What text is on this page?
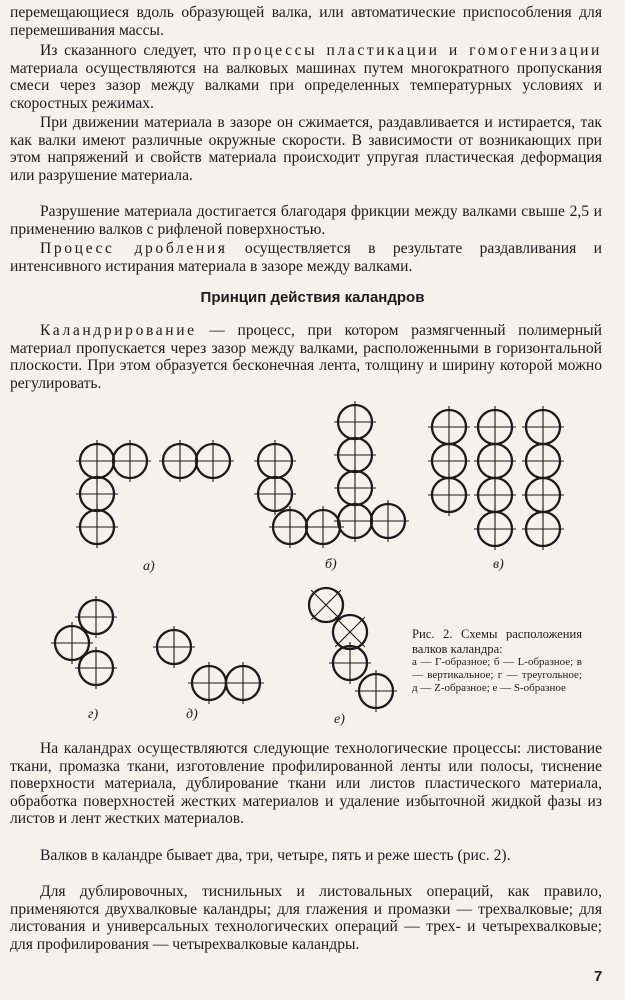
перемещающиеся вдоль образующей валка, или автоматические приспособления для перемешивания массы.

Из сказанного следует, что процессы пластикации и гомогенизации материала осуществляются на валковых машинах путем многократного пропускания смеси через зазор между валками при определенных температурных условиях и скоростных режимах.

При движении материала в зазоре он сжимается, раздавливается и истирается, так как валки имеют различные окружные скорости. В зависимости от возникающих при этом напряжений и свойств материала происходит упругая пластическая деформация или разрушение материала.

Разрушение материала достигается благодаря фрикции между валками свыше 2,5 и применению валков с рифленой поверхностью.

Процесс дробления осуществляется в результате раздавливания и интенсивного истирания материала в зазоре между валками.

Принцип действия каландров

Каландрирование — процесс, при котором размягченный полимерный материал пропускается через зазор между валками, расположенными в горизонтальной плоскости. При этом образуется бесконечная лента, толщину и ширину которой можно регулировать.

а)	б)	в)
г)	д)	е)

Рис. 2. Схемы расположения валков каландра:
а — Г-образное; б — L-образное; в — вертикальное; г — треугольное; д — Z-образное; е — S-образное

На каландрах осуществляются следующие технологические процессы: листование ткани, промазка ткани, изготовление профилированной ленты или полосы, тиснение поверхности материала, дублирование ткани или листов пластического материала, обработка поверхностей жестких материалов и удаление избыточной жидкой фазы из листов и лент жестких материалов.

Валков в каландре бывает два, три, четыре, пять и реже шесть (рис. 2).

Для дублировочных, тиснильных и листовальных операций, как правило, применяются двухвалковые каландры; для глажения и промазки — трехвалковые; для листования и универсальных технологических операций — трех- и четырехвалковые; для профилирования — четырехвалковые каландры.

7
